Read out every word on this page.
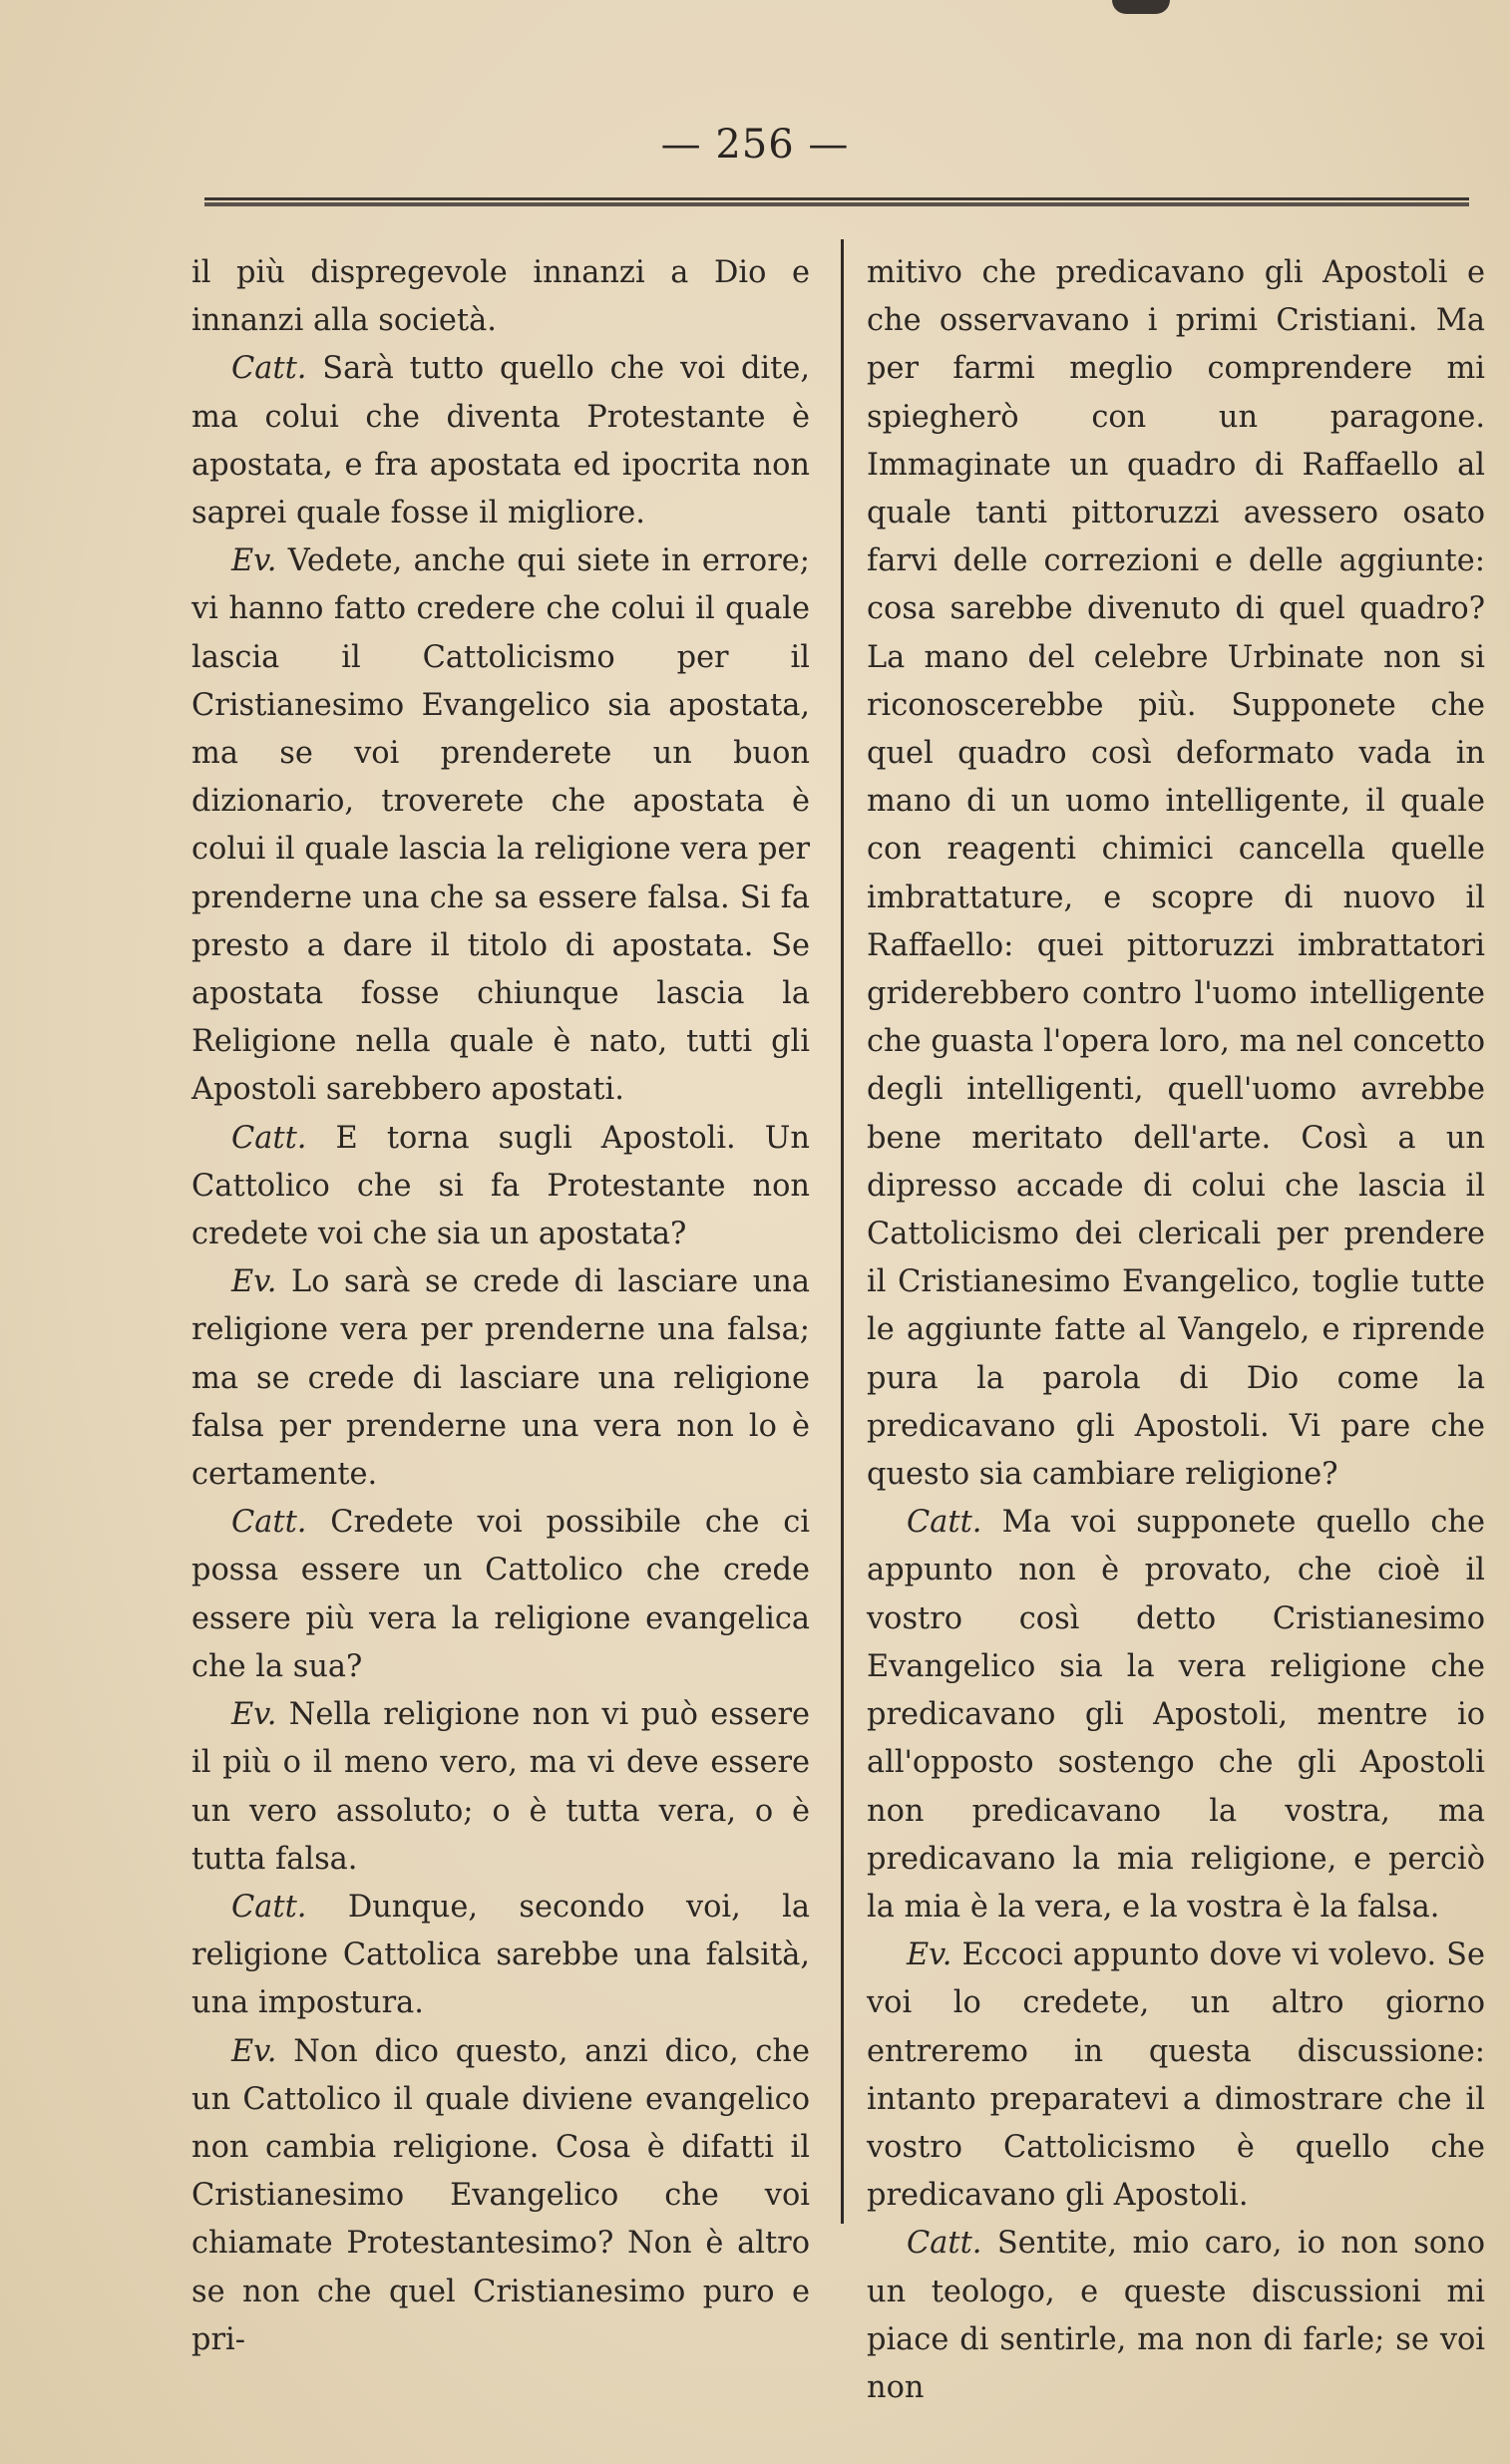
— 256 —

il più dispregevole innanzi a Dio e innanzi alla società.

Catt. Sarà tutto quello che voi dite, ma colui che diventa Protestante è apostata, e fra apostata ed ipocrita non saprei quale fosse il migliore.

Ev. Vedete, anche qui siete in errore; vi hanno fatto credere che colui il quale lascia il Cattolicismo per il Cristianesimo Evangelico sia apostata, ma se voi prenderete un buon dizionario, troverete che apostata è colui il quale lascia la religione vera per prenderne una che sa essere falsa. Si fa presto a dare il titolo di apostata. Se apostata fosse chiunque lascia la Religione nella quale è nato, tutti gli Apostoli sarebbero apostati.

Catt. E torna sugli Apostoli. Un Cattolico che si fa Protestante non credete voi che sia un apostata?

Ev. Lo sarà se crede di lasciare una religione vera per prenderne una falsa; ma se crede di lasciare una religione falsa per prenderne una vera non lo è certamente.

Catt. Credete voi possibile che ci possa essere un Cattolico che crede essere più vera la religione evangelica che la sua?

Ev. Nella religione non vi può essere il più o il meno vero, ma vi deve essere un vero assoluto; o è tutta vera, o è tutta falsa.

Catt. Dunque, secondo voi, la religione Cattolica sarebbe una falsità, una impostura.

Ev. Non dico questo, anzi dico, che un Cattolico il quale diviene evangelico non cambia religione. Cosa è difatti il Cristianesimo Evangelico che voi chiamate Protestantesimo? Non è altro se non che quel Cristianesimo puro e pri-

mitivo che predicavano gli Apostoli e che osservavano i primi Cristiani. Ma per farmi meglio comprendere mi spiegherò con un paragone. Immaginate un quadro di Raffaello al quale tanti pittoruzzi avessero osato farvi delle correzioni e delle aggiunte: cosa sarebbe divenuto di quel quadro? La mano del celebre Urbinate non si riconoscerebbe più. Supponete che quel quadro così deformato vada in mano di un uomo intelligente, il quale con reagenti chimici cancella quelle imbrattature, e scopre di nuovo il Raffaello: quei pittoruzzi imbrattatori griderebbero contro l'uomo intelligente che guasta l'opera loro, ma nel concetto degli intelligenti, quell'uomo avrebbe bene meritato dell'arte. Così a un dipresso accade di colui che lascia il Cattolicismo dei clericali per prendere il Cristianesimo Evangelico, toglie tutte le aggiunte fatte al Vangelo, e riprende pura la parola di Dio come la predicavano gli Apostoli. Vi pare che questo sia cambiare religione?

Catt. Ma voi supponete quello che appunto non è provato, che cioè il vostro così detto Cristianesimo Evangelico sia la vera religione che predicavano gli Apostoli, mentre io all'opposto sostengo che gli Apostoli non predicavano la vostra, ma predicavano la mia religione, e perciò la mia è la vera, e la vostra è la falsa.

Ev. Eccoci appunto dove vi volevo. Se voi lo credete, un altro giorno entreremo in questa discussione: intanto preparatevi a dimostrare che il vostro Cattolicismo è quello che predicavano gli Apostoli.

Catt. Sentite, mio caro, io non sono un teologo, e queste discussioni mi piace di sentirle, ma non di farle; se voi non
